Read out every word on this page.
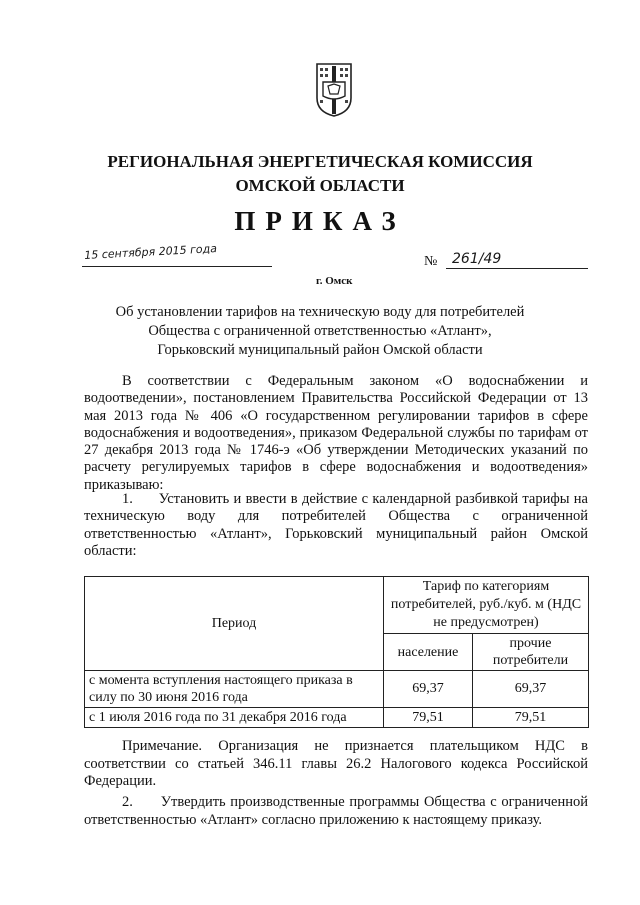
РЕГИОНАЛЬНАЯ ЭНЕРГЕТИЧЕСКАЯ КОМИССИЯ
ОМСКОЙ ОБЛАСТИ
ПРИКАЗ
15 сентября 2015 года	№ 261/49
г. Омск
Об установлении тарифов на техническую воду для потребителей
Общества с ограниченной ответственностью «Атлант»,
Горьковский муниципальный район Омской области
В соответствии с Федеральным законом «О водоснабжении и водоотведении», постановлением Правительства Российской Федерации от 13 мая 2013 года № 406 «О государственном регулировании тарифов в сфере водоснабжения и водоотведения», приказом Федеральной службы по тарифам от 27 декабря 2013 года № 1746-э «Об утверждении Методических указаний по расчету регулируемых тарифов в сфере водоснабжения и водоотведения» приказываю:
1. Установить и ввести в действие с календарной разбивкой тарифы на техническую воду для потребителей Общества с ограниченной ответственностью «Атлант», Горьковский муниципальный район Омской области:
Период	Тариф по категориям потребителей, руб./куб. м (НДС не предусмотрен)	
	население	прочие потребители
с момента вступления настоящего приказа в силу по 30 июня 2016 года	69,37	69,37
с 1 июля 2016 года по 31 декабря 2016 года	79,51	79,51
Примечание. Организация не признается плательщиком НДС в соответствии со статьей 346.11 главы 26.2 Налогового кодекса Российской Федерации.
2. Утвердить производственные программы Общества с ограниченной ответственностью «Атлант» согласно приложению к настоящему приказу.
